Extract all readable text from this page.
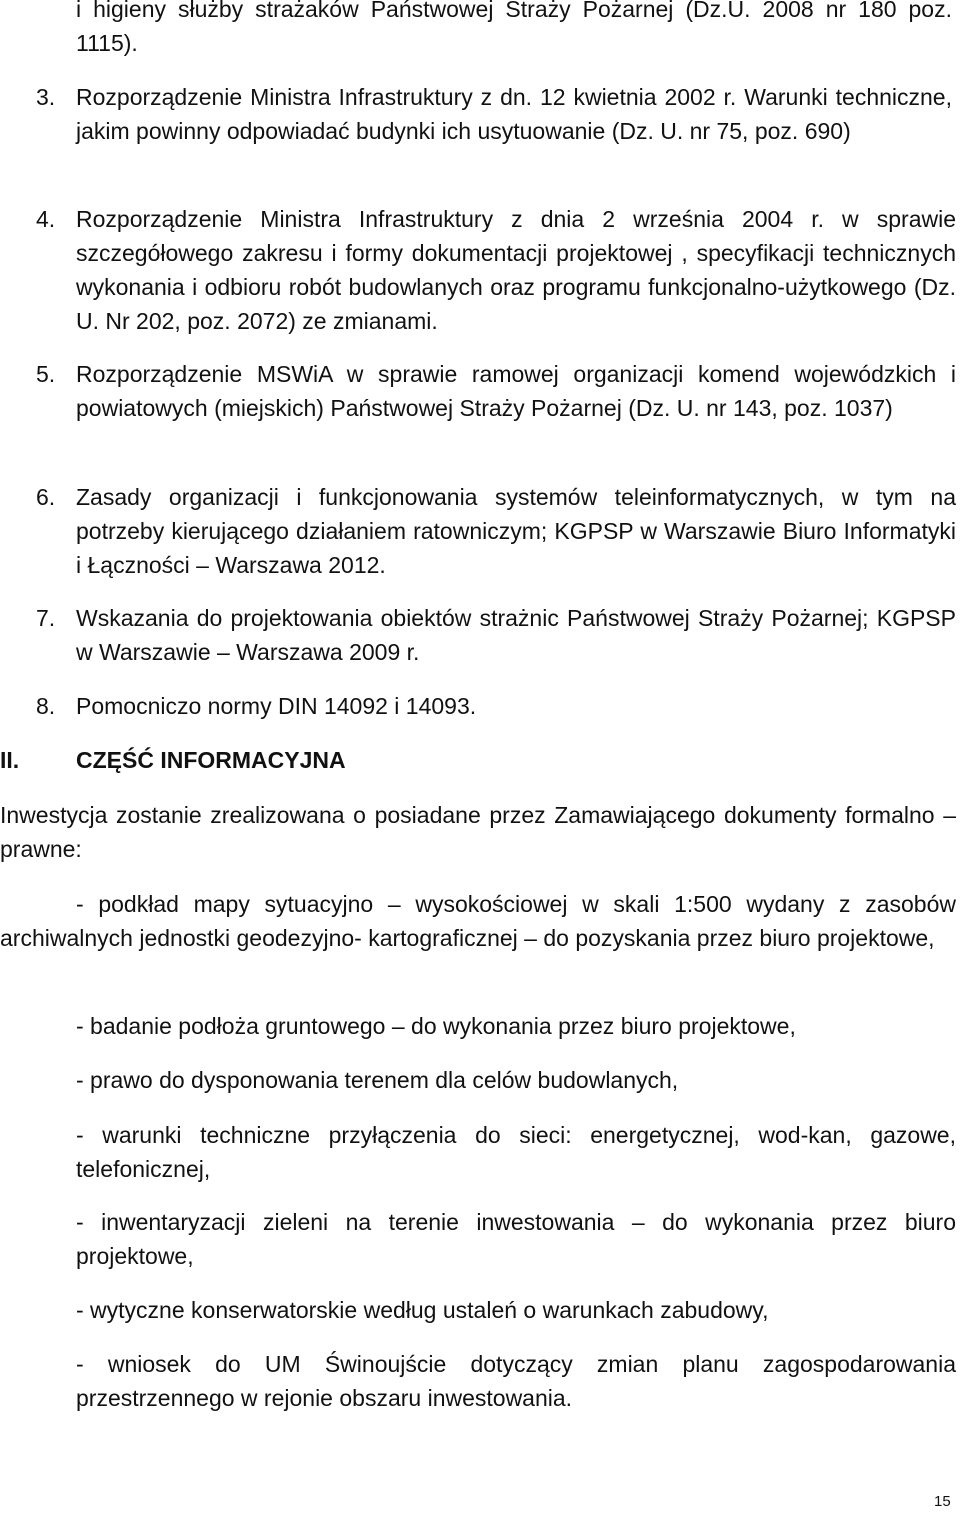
i higieny służby strażaków Państwowej Straży Pożarnej (Dz.U. 2008 nr 180 poz. 1115).

3. Rozporządzenie Ministra Infrastruktury z dn. 12 kwietnia 2002 r. Warunki techniczne, jakim powinny odpowiadać budynki ich usytuowanie (Dz. U. nr 75, poz. 690)

4. Rozporządzenie Ministra Infrastruktury z dnia 2 września 2004 r. w sprawie szczegółowego zakresu i formy dokumentacji projektowej , specyfikacji technicznych wykonania i odbioru robót budowlanych oraz programu funkcjonalno-użytkowego (Dz. U. Nr 202, poz. 2072) ze zmianami.

5. Rozporządzenie MSWiA w sprawie ramowej organizacji komend wojewódzkich i powiatowych (miejskich) Państwowej Straży Pożarnej (Dz. U. nr 143, poz. 1037)

6. Zasady organizacji i funkcjonowania systemów teleinformatycznych, w tym na potrzeby kierującego działaniem ratowniczym; KGPSP w Warszawie Biuro Informatyki i Łączności – Warszawa 2012.

7. Wskazania do projektowania obiektów strażnic Państwowej Straży Pożarnej; KGPSP w Warszawie – Warszawa 2009 r.

8. Pomocniczo normy DIN 14092 i 14093.

II. CZĘŚĆ INFORMACYJNA

Inwestycja zostanie zrealizowana o posiadane przez Zamawiającego dokumenty formalno – prawne:

- podkład mapy sytuacyjno – wysokościowej w skali 1:500 wydany z zasobów archiwalnych jednostki geodezyjno- kartograficznej – do pozyskania przez biuro projektowe,

- badanie podłoża gruntowego – do wykonania przez biuro projektowe,

- prawo do dysponowania terenem dla celów budowlanych,

- warunki techniczne przyłączenia do sieci: energetycznej, wod-kan, gazowe, telefonicznej,

- inwentaryzacji zieleni na terenie inwestowania – do wykonania przez biuro projektowe,

- wytyczne konserwatorskie według ustaleń o warunkach zabudowy,

- wniosek do UM Świnoujście dotyczący zmian planu zagospodarowania przestrzennego w rejonie obszaru inwestowania.

15
